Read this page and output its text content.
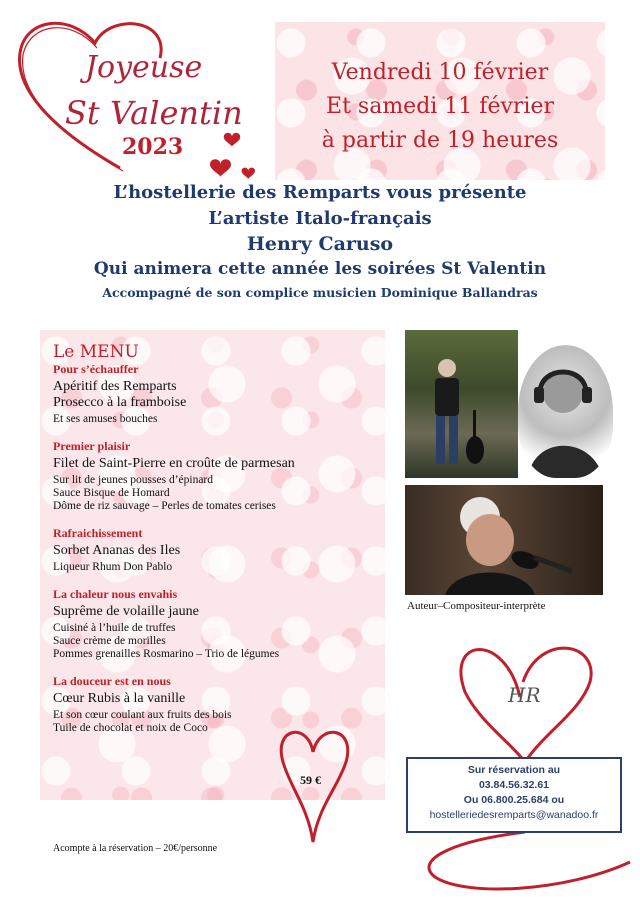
Joyeuse
St Valentin
2023
Vendredi 10 février
Et samedi 11 février
à partir de 19 heures
L’hostellerie des Remparts vous présente
L’artiste Italo-français
Henry Caruso
Qui animera cette année les soirées St Valentin
Accompagné de son complice musicien Dominique Ballandras
Le MENU
Pour s’échauffer
Apéritif des Remparts
Prosecco à la framboise
Et ses amuses bouches
Premier plaisir
Filet de Saint-Pierre en croûte de parmesan
Sur lit de jeunes pousses d’épinard
Sauce Bisque de Homard
Dôme de riz sauvage – Perles de tomates cerises
Rafraichissement
Sorbet Ananas des Iles
Liqueur Rhum Don Pablo
La chaleur nous envahis
Suprême de volaille jaune
Cuisiné à l’huile de truffes
Sauce crème de morilles
Pommes grenailles Rosmarino – Trio de légumes
La douceur est en nous
Cœur Rubis à la vanille
Et son cœur coulant aux fruits des bois
Tuile de chocolat et noix de Coco
59 €
Acompte à la réservation – 20€/personne
Auteur–Compositeur-interprète
HR
Sur réservation au
03.84.56.32.61
Ou 06.800.25.684 ou
hostelleriedesremparts@wanadoo.fr
